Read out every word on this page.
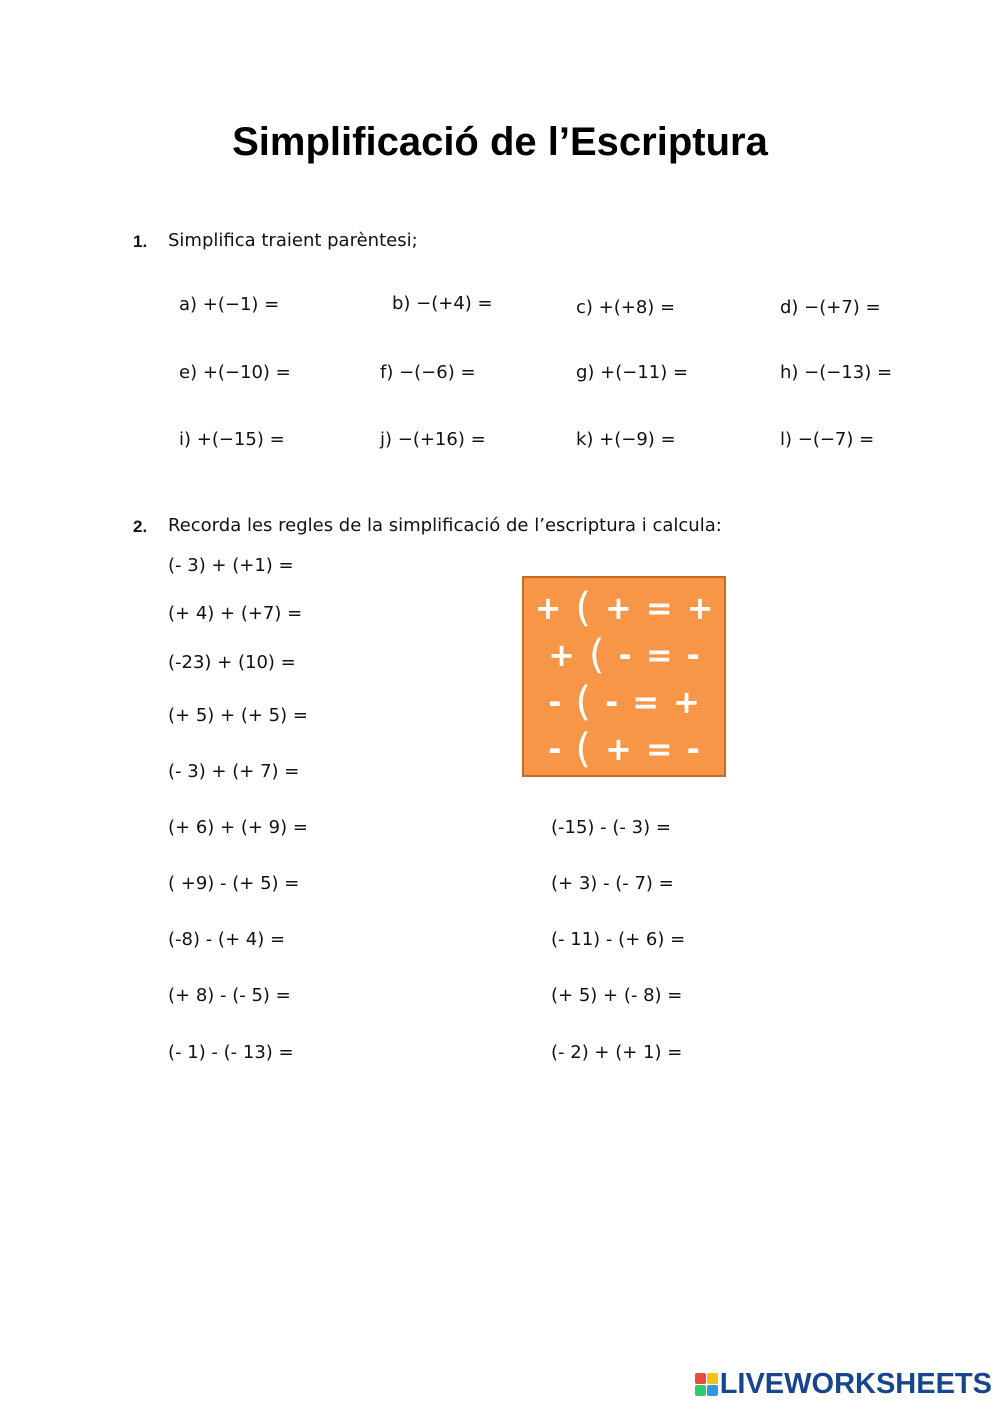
Simplificació de l’Escriptura
1. Simplifica traient parèntesi;
a) +(−1) =	b) −(+4) =	c) +(+8) =	d) −(+7) =
e) +(−10) =	f) −(−6) =	g) +(−11) =	h) −(−13) =
i) +(−15) =	j) −(+16) =	k) +(−9) =	l) −(−7) =
2. Recorda les regles de la simplificació de l’escriptura i calcula:
(- 3) + (+1) =
(+ 4) + (+7) =
(-23) + (10) =
(+ 5) + (+ 5) =
(- 3) + (+ 7) =
(+ 6) + (+ 9) =
( +9) - (+ 5) =
(-8) - (+ 4) =
(+ 8) - (- 5) =
(- 1) - (- 13) =
(-15) - (- 3) =
(+ 3) - (- 7) =
(- 11) - (+ 6) =
(+ 5) + (- 8) =
(- 2) + (+ 1) =
+ ( + = +
+ ( - = -
- ( - = +
- ( + = -
LIVEWORKSHEETS
